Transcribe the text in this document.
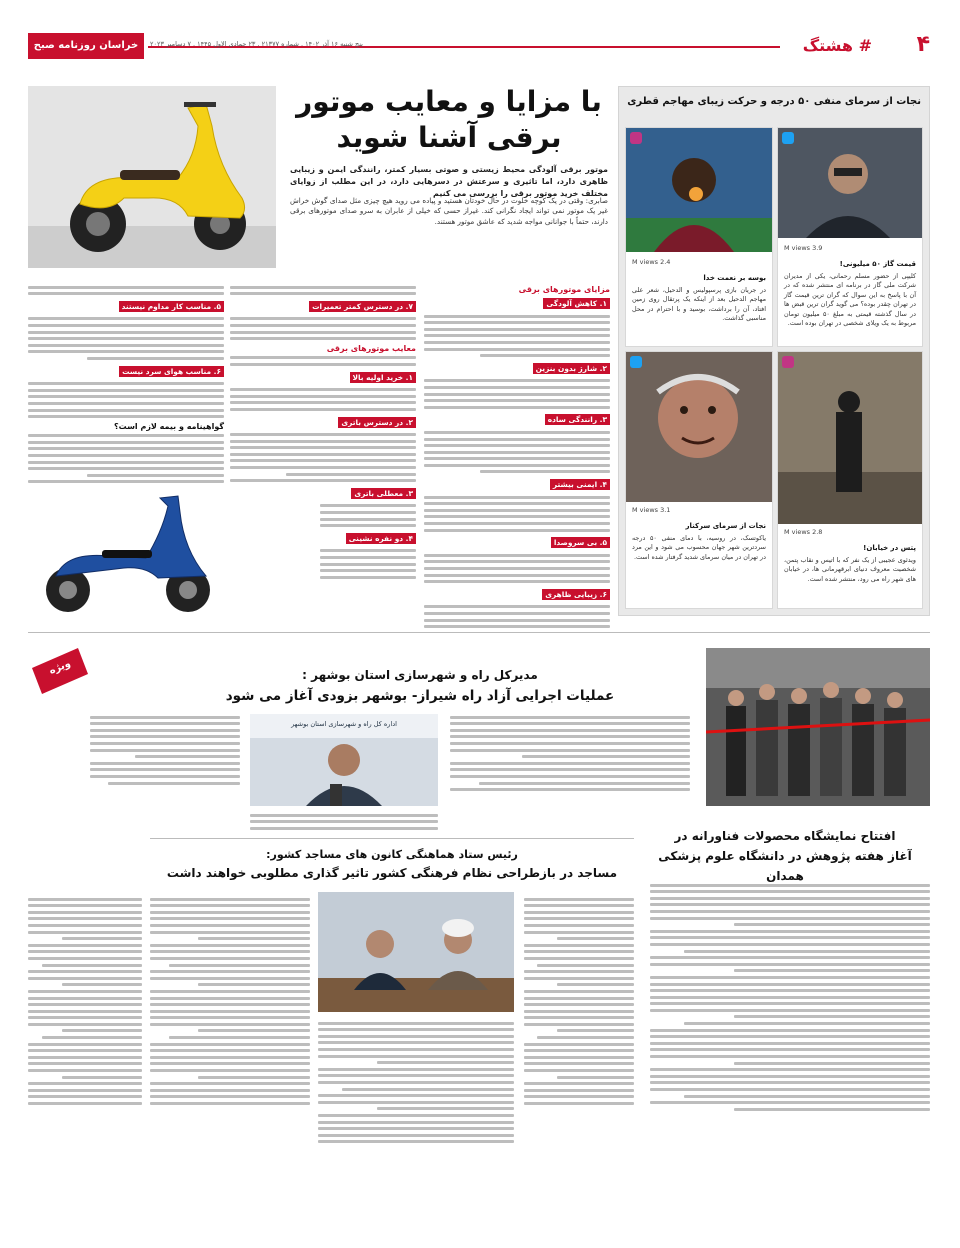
۴
# هشتگ
پنج شنبه ۱۶ آذر ۱۴۰۲ . شماره ۲۱۳۷۷ . ۲۳ جمادی الاول ۱۴۴۵ . ۷ دسامبر ۲۰۲۳
خراسان روزنامه صبح ایران
با مزایا و معایب موتور
برقی آشنا شوید
موتور برقی آلودگی محیط زیستی و صوتی بسیار کمتر، رانندگی ایمن و زیبایی ظاهری دارد، اما تاثیری و سرعتش در دسرهایی دارد، در این مطلب از زوایای مختلف خرید موتور برقی را بررسی می کنیم
صابری: وقتی در یک کوچه خلوت در حال خودتان هستید و پیاده می روید هیچ چیزی مثل صدای گوش خراش غیر یک موتور نمی تواند ایجاد نگرانی کند. غیراز حسی که خیلی از عابران به سرو صدای موتورهای برقی دارند، حتماً با جوانانی مواجه شدید که عاشق موتور هستند.
مزایای موتورهای برقی
۱. کاهش آلودگی
۲. شارژ بدون بنزین
۳. رانندگی ساده
۴. ایمنی بیشتر
۵. بی سروصدا
۶. زیبایی ظاهری
۷. در دسترس کمتر تعمیرات
معایب موتورهای برقی
۱. خرید اولیه بالا
۲. در دسترس باتری
۳. معطلی باتری
۴. دو نفره نشینی
۵. مناسب کار مداوم نیستند
۶. مناسب هوای سرد نیست
گواهینامه و بیمه لازم است؟
نجات از سرمای منفی ۵۰ درجه و حرکت زیبای مهاجم قطری
3.9 M views
قیمت گاز ۵۰ میلیونی!
کلیپی از حضور مسلم رحمانی، یکی از مدیران شرکت ملی گاز در برنامه ای منتشر شده که در آن با پاسخ به این سوال که گران ترین قیمت گاز در تهران چقدر بوده؟ می گوید گران ترین قبض ها در سال گذشته قیمتی به مبلغ ۵۰ میلیون تومان مربوط به یک ویلای شخصی در تهران بوده است.
2.4 M views
بوسه بر نعمت خدا
در جریان بازی پرسپولیس و الدحیل، شعر علی مهاجم الدحیل بعد از اینکه یک پرتقال روی زمین افتاد، آن را برداشت، بوسید و با احترام در محل مناسبی گذاشت.
2.8 M views
پتس در خیابان!
ویدئوی عجیبی از یک نفر که با اتیس و نقاب پتمن، شخصیت معروف دنیای ابرقهرمانی ها، در خیابان های شهر راه می رود، منتشر شده است.
3.1 M views
نجات از سرمای سرکنار
یاکوتسک، در روسیه، با دمای منفی ۵۰ درجه سردترین شهر جهان محسوب می شود و این مرد در تهران در میان سرمای شدید گرفتار شده است.
ویژه	مدیرکل راه و شهرسازی استان بوشهر :
عملیات اجرایی آزاد راه شیراز- بوشهر بزودی آغاز می شود
اداره کل راه و شهرسازی استان بوشهر
افتتاح نمایشگاه محصولات فناورانه در
آغاز هفته پژوهش در دانشگاه علوم پزشکی همدان
رئیس ستاد هماهنگی کانون های مساجد کشور:
مساجد در بازطراحی نظام فرهنگی کشور تاثیر گذاری مطلوبی خواهند داشت
